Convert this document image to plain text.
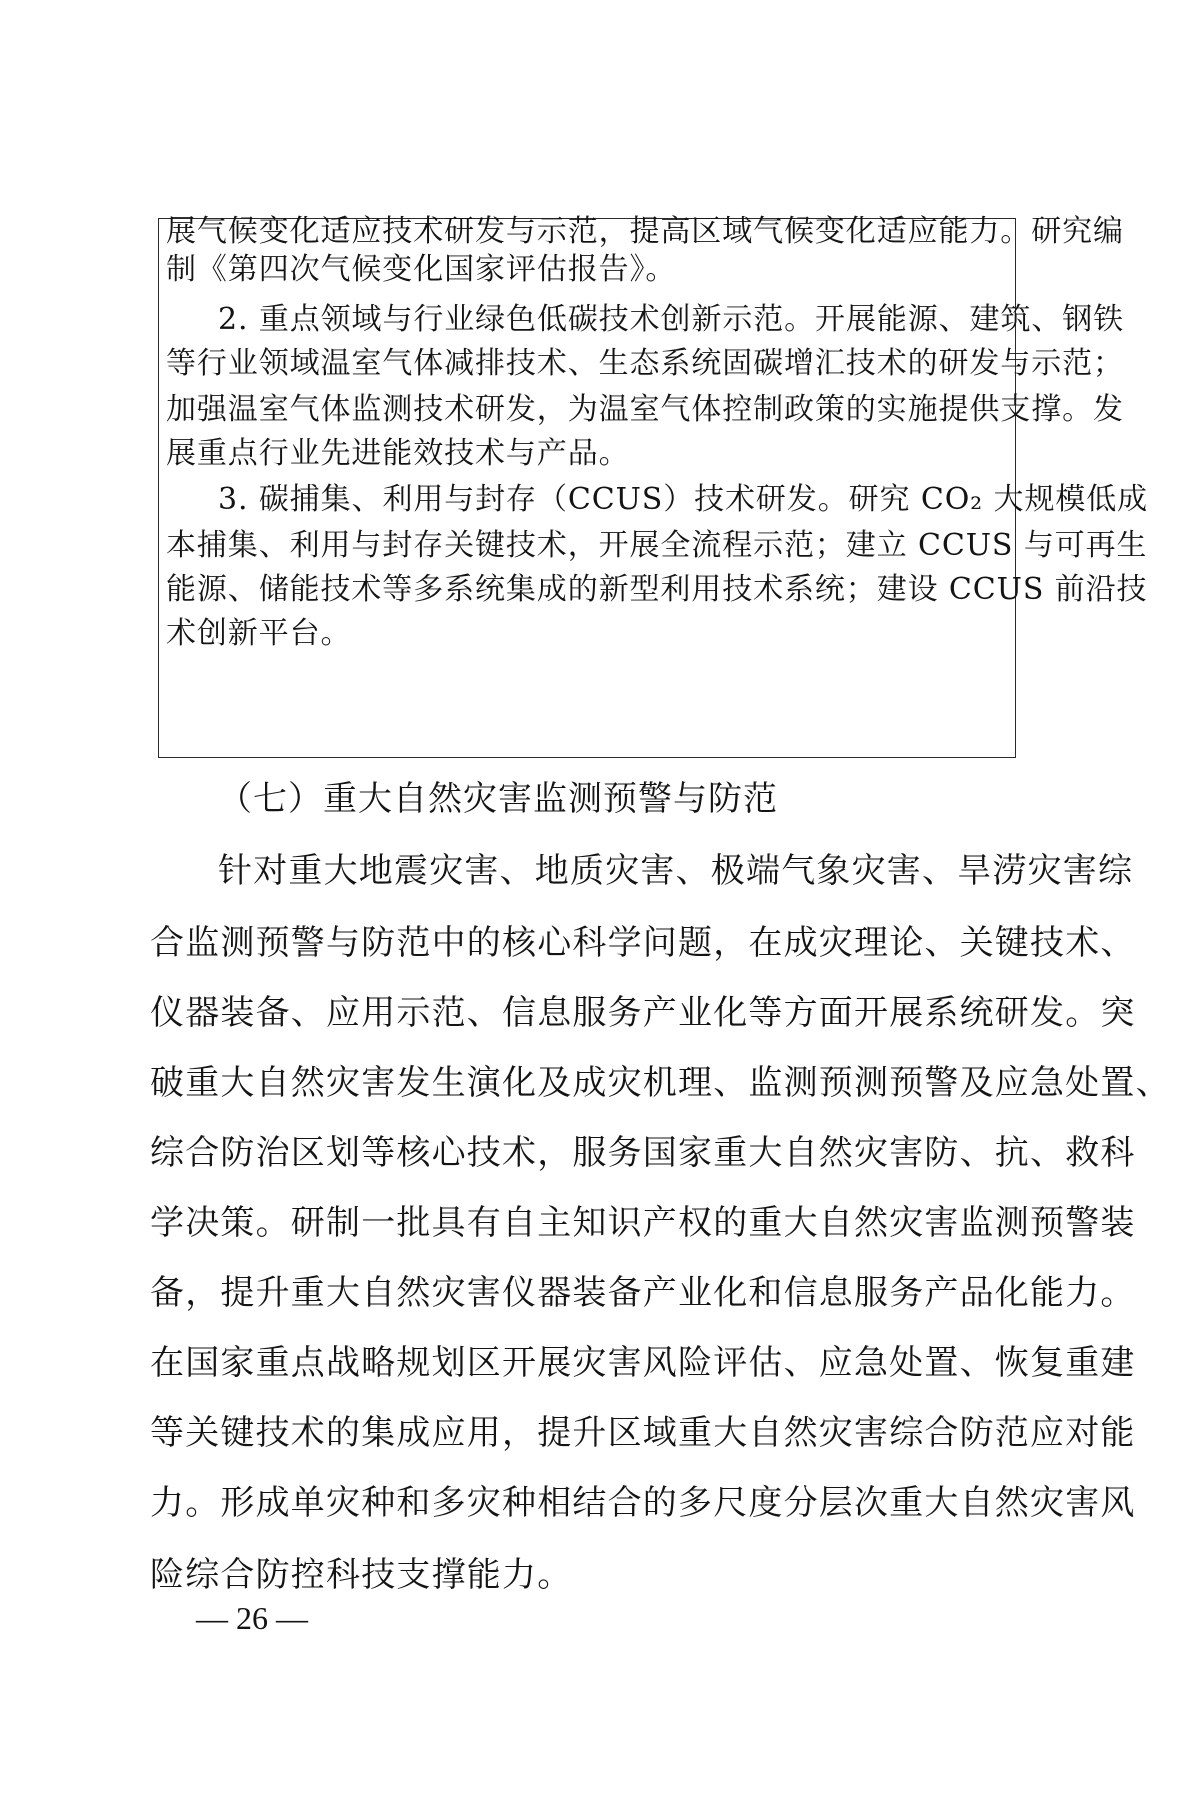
展气候变化适应技术研发与示范，提高区域气候变化适应能力。研究编

制《第四次气候变化国家评估报告》。

2. 重点领域与行业绿色低碳技术创新示范。开展能源、建筑、钢铁

等行业领域温室气体减排技术、生态系统固碳增汇技术的研发与示范；

加强温室气体监测技术研发，为温室气体控制政策的实施提供支撑。发

展重点行业先进能效技术与产品。

3. 碳捕集、利用与封存（CCUS）技术研发。研究 CO₂ 大规模低成

本捕集、利用与封存关键技术，开展全流程示范；建立 CCUS 与可再生

能源、储能技术等多系统集成的新型利用技术系统；建设 CCUS 前沿技

术创新平台。

（七）重大自然灾害监测预警与防范

针对重大地震灾害、地质灾害、极端气象灾害、旱涝灾害综

合监测预警与防范中的核心科学问题，在成灾理论、关键技术、

仪器装备、应用示范、信息服务产业化等方面开展系统研发。突

破重大自然灾害发生演化及成灾机理、监测预测预警及应急处置、

综合防治区划等核心技术，服务国家重大自然灾害防、抗、救科

学决策。研制一批具有自主知识产权的重大自然灾害监测预警装

备，提升重大自然灾害仪器装备产业化和信息服务产品化能力。

在国家重点战略规划区开展灾害风险评估、应急处置、恢复重建

等关键技术的集成应用，提升区域重大自然灾害综合防范应对能

力。形成单灾种和多灾种相结合的多尺度分层次重大自然灾害风

险综合防控科技支撑能力。

— 26 —
